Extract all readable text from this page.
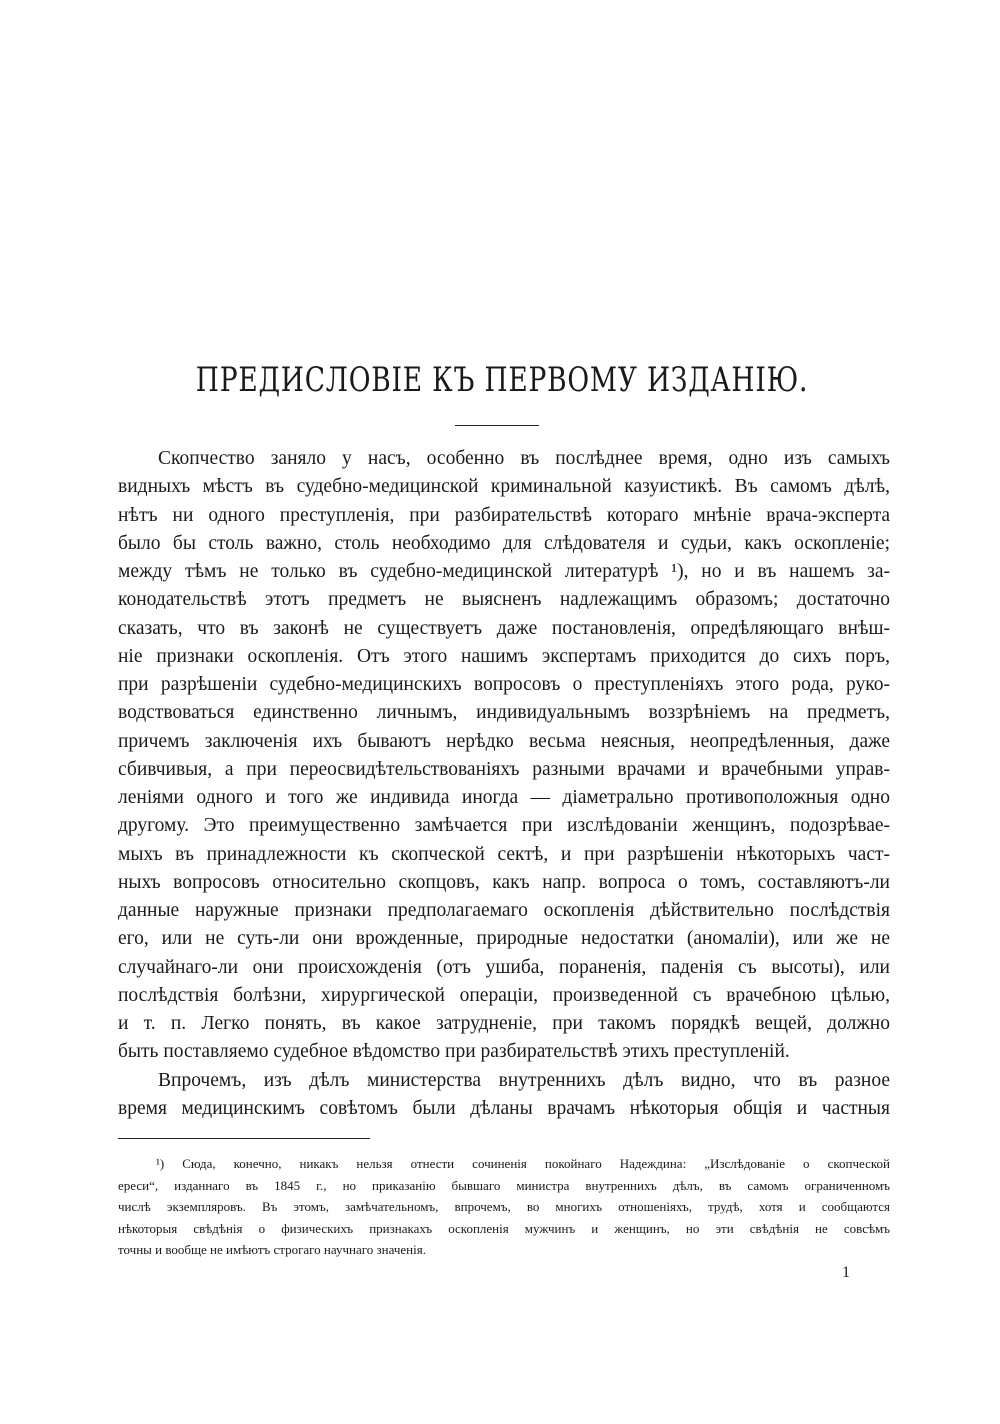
ПРЕДИСЛОВІЕ КЪ ПЕРВОМУ ИЗДАНІЮ.
Скопчество заняло у насъ, особенно въ послѣднее время, одно изъ самыхъ
видныхъ мѣстъ въ судебно-медицинской криминальной казуистикѣ. Въ самомъ дѣлѣ,
нѣтъ ни одного преступленія, при разбирательствѣ котораго мнѣніе врача-эксперта
было бы столь важно, столь необходимо для слѣдователя и судьи, какъ оскопленіе;
между тѣмъ не только въ судебно-медицинской литературѣ ¹), но и въ нашемъ за-
конодательствѣ этотъ предметъ не выясненъ надлежащимъ образомъ; достаточно
сказать, что въ законѣ не существуетъ даже постановленія, опредѣляющаго внѣш-
ніе признаки оскопленія. Отъ этого нашимъ экспертамъ приходится до сихъ поръ,
при разрѣшеніи судебно-медицинскихъ вопросовъ о преступленіяхъ этого рода, руко-
водствоваться единственно личнымъ, индивидуальнымъ воззрѣніемъ на предметъ,
причемъ заключенія ихъ бываютъ нерѣдко весьма неясныя, неопредѣленныя, даже
сбивчивыя, а при переосвидѣтельствованіяхъ разными врачами и врачебными управ-
леніями одного и того же индивида иногда — діаметрально противоположныя одно
другому. Это преимущественно замѣчается при изслѣдованіи женщинъ, подозрѣвае-
мыхъ въ принадлежности къ скопческой сектѣ, и при разрѣшеніи нѣкоторыхъ част-
ныхъ вопросовъ относительно скопцовъ, какъ напр. вопроса о томъ, составляютъ-ли
данные наружные признаки предполагаемаго оскопленія дѣйствительно послѣдствія
его, или не суть-ли они врожденные, природные недостатки (аномаліи), или же не
случайнаго-ли они происхожденія (отъ ушиба, пораненія, паденія съ высоты), или
послѣдствія болѣзни, хирургической операціи, произведенной съ врачебною цѣлью,
и т. п. Легко понять, въ какое затрудненіе, при такомъ порядкѣ вещей, должно
быть поставляемо судебное вѣдомство при разбирательствѣ этихъ преступленій.
Впрочемъ, изъ дѣлъ министерства внутреннихъ дѣлъ видно, что въ разное
время медицинскимъ совѣтомъ были дѣланы врачамъ нѣкоторыя общія и частныя
¹) Сюда, конечно, никакъ нельзя отнести сочиненія покойнаго Надеждина: „Изслѣдованіе о скопческой
ереси“, изданнаго въ 1845 г., но приказанію бывшаго министра внутреннихъ дѣлъ, въ самомъ ограниченномъ
числѣ экземпляровъ. Въ этомъ, замѣчательномъ, впрочемъ, во многихъ отношеніяхъ, трудѣ, хотя и сообщаются
нѣкоторыя свѣдѣнія о физическихъ признакахъ оскопленія мужчинъ и женщинъ, но эти свѣдѣнія не совсѣмъ
точны и вообще не имѣютъ строгаго научнаго значенія.
1
